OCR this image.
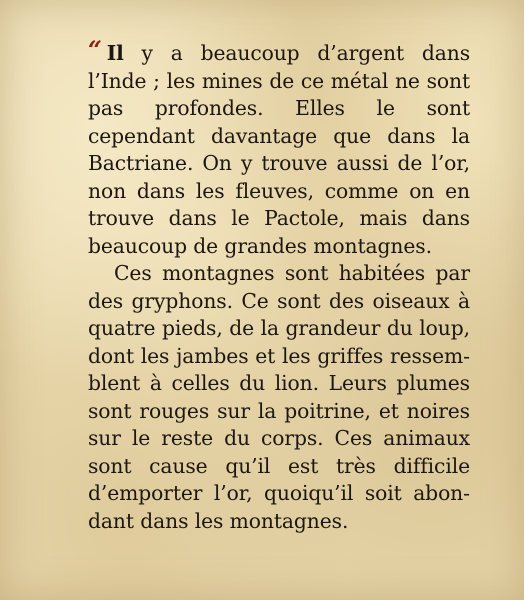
“ Il y a beaucoup d’argent dans l’Inde ; les mines de ce métal ne sont pas profondes. Elles le sont cependant davantage que dans la Bactriane. On y trouve aussi de l’or, non dans les fleuves, comme on en trouve dans le Pactole, mais dans beaucoup de grandes montagnes.

Ces montagnes sont habitées par des gryphons. Ce sont des oiseaux à quatre pieds, de la grandeur du loup, dont les jambes et les griffes ressemblent à celles du lion. Leurs plumes sont rouges sur la poitrine, et noires sur le reste du corps. Ces animaux sont cause qu’il est très difficile d’emporter l’or, quoiqu’il soit abondant dans les montagnes.
